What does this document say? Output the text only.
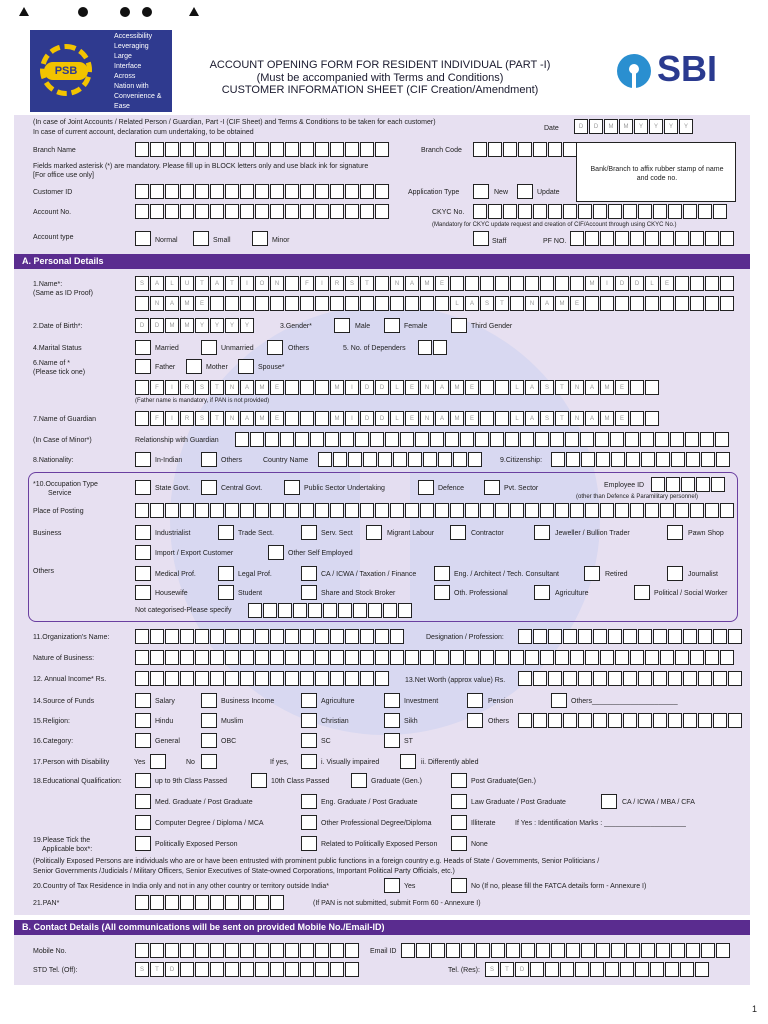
PSB
Accessibility
Leveraging
Large
Interface
Across
Nation with
Convenience &
Ease
ACCOUNT OPENING FORM FOR RESIDENT INDIVIDUAL (PART -I)
(Must be accompanied with Terms and Conditions)
CUSTOMER INFORMATION SHEET (CIF Creation/Amendment)
SBI
(In case of Joint Accounts / Related Person / Guardian, Part -I (CIF Sheet) and Terms & Conditions to be taken for each customer)
In case of current account, declaration cum undertaking, to be obtained
Date	D	D	M	M	Y	Y	Y	Y
Branch Name	Branch Code
Fields marked asterisk (*) are mandatory. Please fill up in BLOCK letters only and use black ink for signature
[For office use only]
Bank/Branch to affix rubber stamp of name and code no.
Customer ID	Application Type	New	Update
Account No.	CKYC No.
(Mandatory for CKYC update request and creation of CIF/Account through using CKYC No.)
Account type	Normal	Small	Minor	Staff	PF NO.
A. Personal Details
1.Name*:
(Same as ID Proof)
S	A	L	U	T	A	T	I	O	N	F	I	R	S	T	N	A	M	E	M	I	D	D	L	E
N	A	M	E	L	A	S	T	N	A	M	E
2.Date of Birth*:	D	D	M	M	Y	Y	Y	Y	3.Gender*	Male	Female	Third Gender
4.Marital Status	Married	Unmarried	Others	5. No. of Dependers
6.Name of *
(Please tick one)
Father	Mother	Spouse*
F	I	R	S	T	N	A	M	E	M	I	D	D	L	E	N	A	M	E	L	A	S	T	N	A	M	E
(Father name is mandatory, if PAN is not provided)
7.Name of Guardian	F	I	R	S	T	N	A	M	E	M	I	D	D	L	E	N	A	M	E	L	A	S	T	N	A	M	E
(In Case of Minor*)	Relationship with Guardian
8.Nationality:	In-Indian	Others	Country Name	9.Citizenship:
*10.Occupation Type
Service
State Govt.	Central Govt.	Public Sector Undertaking	Defence	Pvt. Sector	Employee ID
(other than Defence & Paramilitary personnel)
Place of Posting
Business	Industrialist	Trade Sect.	Serv. Sect	Migrant Labour	Contractor	Jeweller / Bullion Trader	Pawn Shop
Import / Export Customer	Other Self Employed
Others	Medical Prof.	Legal Prof.	CA / ICWA / Taxation / Finance	Eng. / Architect / Tech. Consultant	Retired	Journalist
Housewife	Student	Share and Stock Broker	Oth. Professional	Agriculture	Political / Social Worker
Not categorised-Please specify
11.Organization's Name:	Designation / Profession:
Nature of Business:
12. Annual Income* Rs.	13.Net Worth (approx value) Rs.
14.Source of Funds	Salary	Business Income	Agriculture	Investment	Pension	Others______________________
15.Religion:	Hindu	Muslim	Christian	Sikh	Others
16.Category:	General	OBC	SC	ST
17.Person with Disability	Yes	No	If yes,	i. Visually impaired	ii. Differently abled
18.Educational Qualification:	up to 9th Class Passed	10th Class Passed	Graduate (Gen.)	Post Graduate(Gen.)
Med. Graduate / Post Graduate	Eng. Graduate / Post Graduate	Law Graduate / Post Graduate	CA / ICWA / MBA / CFA
Computer Degree / Diploma / MCA	Other Professional Degree/Diploma	Illiterate	If Yes : Identification Marks : _____________________
19.Please Tick the
Applicable box*:
Politically Exposed Person	Related to Politically Exposed Person	None
(Politically Exposed Persons are individuals who are or have been entrusted with prominent public functions in a foreign country e.g. Heads of State / Governments, Senior Politicians /
Senior Governments /Judicials / Military Officers, Senior Executives of State-owned Corporations, Important Political Party Officials, etc.)
20.Country of Tax Residence in India only and not in any other country or territory outside India*	Yes	No (If no, please fill the FATCA details form - Annexure I)
21.PAN*	(If PAN is not submitted, submit Form 60 - Annexure I)
B. Contact Details (All communications will be sent on provided Mobile No./Email-ID)
Mobile No.	Email ID
STD Tel. (Off):	S	T	D	Tel. (Res):	S	T	D
1
